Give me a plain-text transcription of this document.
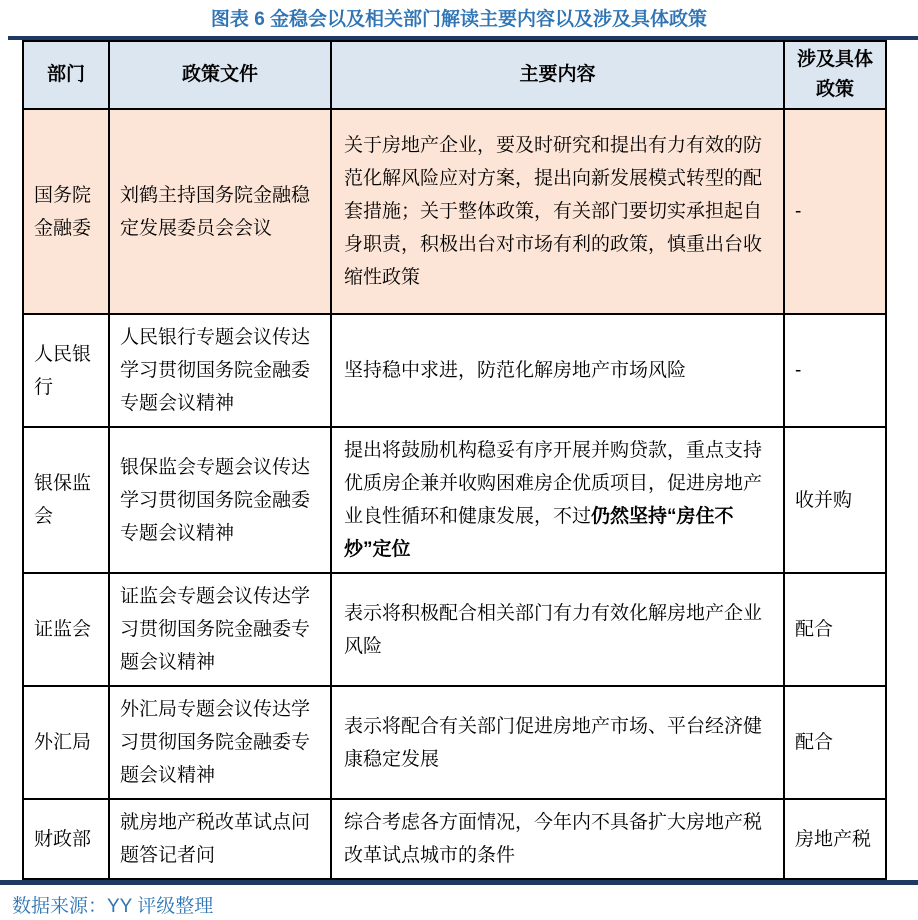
图表 6 金稳会以及相关部门解读主要内容以及涉及具体政策
部门	政策文件	主要内容	涉及具体政策
国务院金融委	刘鹤主持国务院金融稳定发展委员会会议	关于房地产企业，要及时研究和提出有力有效的防范化解风险应对方案，提出向新发展模式转型的配套措施；关于整体政策，有关部门要切实承担起自身职责，积极出台对市场有利的政策，慎重出台收缩性政策	-
人民银行	人民银行专题会议传达学习贯彻国务院金融委专题会议精神	坚持稳中求进，防范化解房地产市场风险	-
银保监会	银保监会专题会议传达学习贯彻国务院金融委专题会议精神	提出将鼓励机构稳妥有序开展并购贷款，重点支持优质房企兼并收购困难房企优质项目，促进房地产业良性循环和健康发展，不过仍然坚持“房住不炒”定位	收并购
证监会	证监会专题会议传达学习贯彻国务院金融委专题会议精神	表示将积极配合相关部门有力有效化解房地产企业风险	配合
外汇局	外汇局专题会议传达学习贯彻国务院金融委专题会议精神	表示将配合有关部门促进房地产市场、平台经济健康稳定发展	配合
财政部	就房地产税改革试点问题答记者问	综合考虑各方面情况，今年内不具备扩大房地产税改革试点城市的条件	房地产税
数据来源：YY 评级整理
